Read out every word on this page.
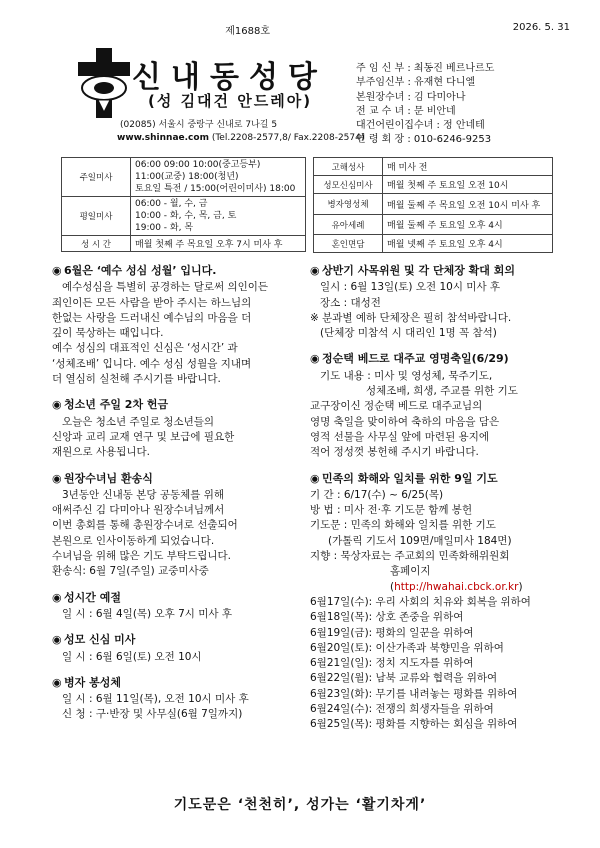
제1688호	2026. 5. 31
신내동성당
(성 김대건 안드레아)
(02085) 서울시 중랑구 신내로 7나길 5
www.shinnae.com (Tel.2208-2577,8/ Fax.2208-2574)
주 임 신 부 : 최동진 베르나르도
부주임신부 : 유재현 다니엘
본원장수녀 : 김 다미아나
전 교 수 녀 : 문 비안네
대건어린이집수녀 : 정 안네테
연 령 회 장 : 010-6246-9253
주일미사	06:00 09:00 10:00(중고등부)
11:00(교중) 18:00(청년)
토요일 특전 / 15:00(어린이미사) 18:00

평일미사	06:00 - 월, 수, 금
10:00 - 화, 수, 목, 금, 토
19:00 - 화, 목

성 시 간	매월 첫째 주 목요일 오후 7시 미사 후
고해성사	매 미사 전
성모신심미사	매월 첫째 주 토요일 오전 10시
병자영성체	매월 둘째 주 목요일 오전 10시 미사 후
유아세례	매월 둘째 주 토요일 오후 4시
혼인면담	매월 넷째 주 토요일 오후 4시
◉ 6월은 ‘예수 성심 성월’ 입니다.
예수성심을 특별히 공경하는 달로써 의인이든
죄인이든 모든 사람을 받아 주시는 하느님의
한없는 사랑을 드러내신 예수님의 마음을 더
깊이 묵상하는 때입니다.
예수 성심의 대표적인 신심은 ‘성시간’ 과
‘성체조배’ 입니다. 예수 성심 성월을 지내며
더 열심히 실천해 주시기를 바랍니다.
◉ 청소년 주일 2차 헌금
오늘은 청소년 주일로 청소년들의
신앙과 교리 교재 연구 및 보급에 필요한
재원으로 사용됩니다.
◉ 원장수녀님 환송식
3년동안 신내동 본당 공동체를 위해
애써주신 김 다미아나 원장수녀님께서
이번 총회를 통해 총원장수녀로 선출되어
본원으로 인사이동하게 되었습니다.
수녀님을 위해 많은 기도 부탁드립니다.
환송식: 6월 7일(주일) 교중미사중
◉ 성시간 예절
일 시 : 6월 4일(목) 오후 7시 미사 후
◉ 성모 신심 미사
일 시 : 6월 6일(토) 오전 10시
◉ 병자 봉성체
일 시 : 6월 11일(목), 오전 10시 미사 후
신 청 : 구·반장 및 사무실(6월 7일까지)
◉ 상반기 사목위원 및 각 단체장 확대 회의
일시 : 6월 13일(토) 오전 10시 미사 후
장소 : 대성전
※ 분과별 예하 단체장은 필히 참석바랍니다.
(단체장 미참석 시 대리인 1명 꼭 참석)
◉ 정순택 베드로 대주교 영명축일(6/29)
기도 내용 : 미사 및 영성체, 묵주기도,
성체조배, 희생, 주교를 위한 기도
교구장이신 정순택 베드로 대주교님의
영명 축일을 맞이하여 축하의 마음을 담은
영적 선물을 사무실 앞에 마련된 용지에
적어 정성껏 봉헌해 주시기 바랍니다.
◉ 민족의 화해와 일치를 위한 9일 기도
기 간 : 6/17(수) ~ 6/25(목)
방 법 : 미사 전·후 기도문 함께 봉헌
기도문 : 민족의 화해와 일치를 위한 기도
(가톨릭 기도서 109면/매일미사 184면)
지향 : 묵상자료는 주교회의 민족화해위원회
홈페이지(http://hwahai.cbck.or.kr)
6월17일(수): 우리 사회의 치유와 회복을 위하여
6월18일(목): 상호 존중을 위하여
6월19일(금): 평화의 일꾼을 위하여
6월20일(토): 이산가족과 북향민을 위하여
6월21일(일): 정치 지도자를 위하여
6월22일(월): 남북 교류와 협력을 위하여
6월23일(화): 무기를 내려놓는 평화를 위하여
6월24일(수): 전쟁의 희생자들을 위하여
6월25일(목): 평화를 지향하는 회심을 위하여
기도문은 ‘천천히’, 성가는 ‘활기차게’
